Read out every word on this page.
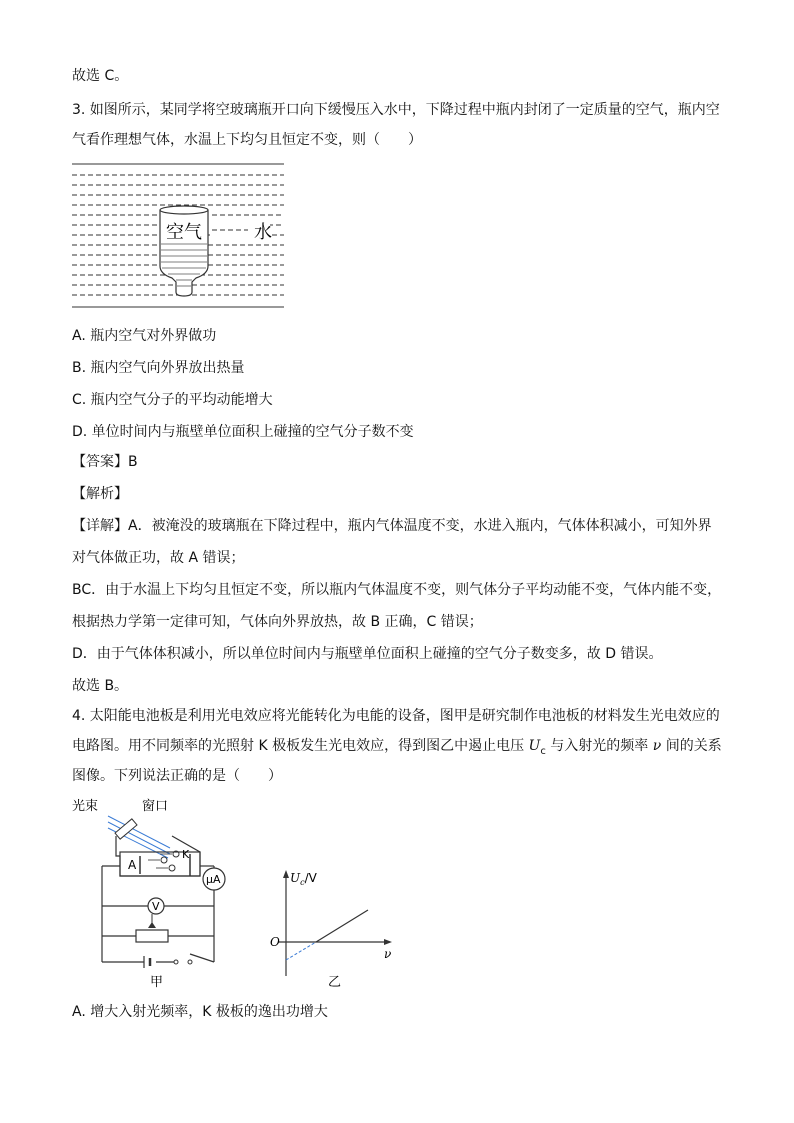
故选 C。
3. 如图所示，某同学将空玻璃瓶开口向下缓慢压入水中，下降过程中瓶内封闭了一定质量的空气，瓶内空
气看作理想气体，水温上下均匀且恒定不变，则（　　）
空气	水
A. 瓶内空气对外界做功
B. 瓶内空气向外界放出热量
C. 瓶内空气分子的平均动能增大
D. 单位时间内与瓶壁单位面积上碰撞的空气分子数不变
【答案】B
【解析】
【详解】A．被淹没的玻璃瓶在下降过程中，瓶内气体温度不变，水进入瓶内，气体体积减小，可知外界
对气体做正功，故 A 错误；
BC．由于水温上下均匀且恒定不变，所以瓶内气体温度不变，则气体分子平均动能不变，气体内能不变，
根据热力学第一定律可知，气体向外界放热，故 B 正确，C 错误；
D．由于气体体积减小，所以单位时间内与瓶壁单位面积上碰撞的空气分子数变多，故 D 错误。
故选 B。
4. 太阳能电池板是利用光电效应将光能转化为电能的设备，图甲是研究制作电池板的材料发生光电效应的
电路图。用不同频率的光照射 K 极板发生光电效应，得到图乙中遏止电压 $U_c$ 与入射光的频率 ν 间的关系
图像。下列说法正确的是（　　）
光束	窗口
A
K
μA
V
甲
$U_c/V$
O
ν
乙
A. 增大入射光频率，K 极板的逸出功增大
